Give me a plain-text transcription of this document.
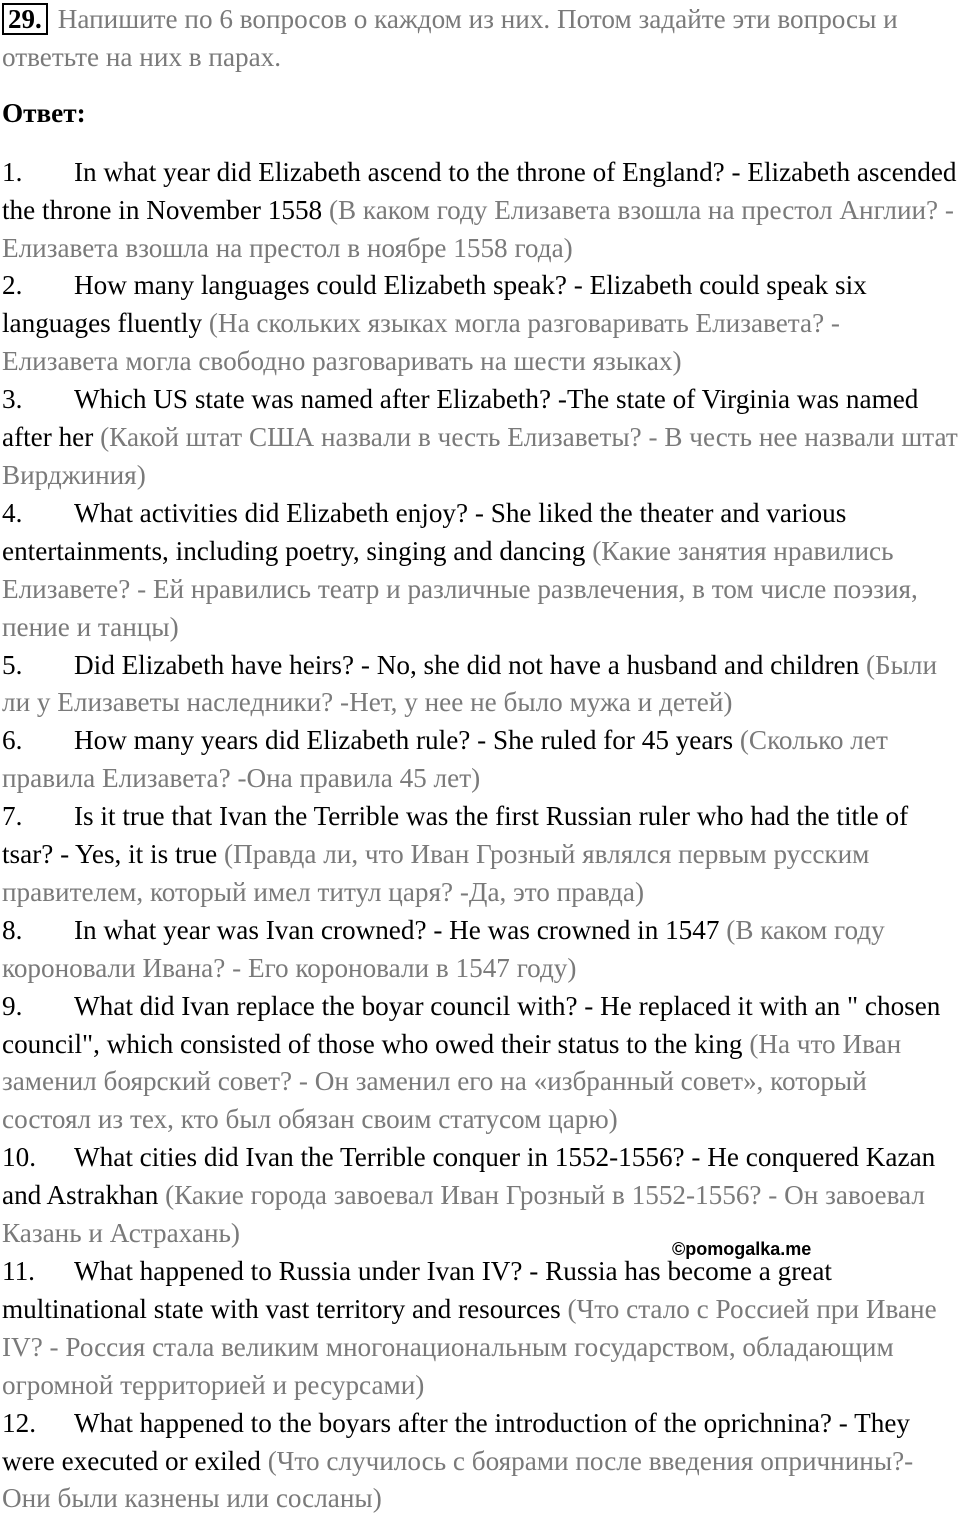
29. Напишите по 6 вопросов о каждом из них. Потом задайте эти вопросы и ответьте на них в парах.

Ответ:

1. In what year did Elizabeth ascend to the throne of England? - Elizabeth ascended the throne in November 1558 (В каком году Елизавета взошла на престол Англии? - Елизавета взошла на престол в ноябре 1558 года)

2. How many languages could Elizabeth speak? - Elizabeth could speak six languages fluently (На скольких языках могла разговаривать Елизавета? - Елизавета могла свободно разговаривать на шести языках)

3. Which US state was named after Elizabeth? -The state of Virginia was named after her (Какой штат США назвали в честь Елизаветы? - В честь нее назвали штат Вирджиния)

4. What activities did Elizabeth enjoy? - She liked the theater and various entertainments, including poetry, singing and dancing (Какие занятия нравились Елизавете? - Ей нравились театр и различные развлечения, в том числе поэзия, пение и танцы)

5. Did Elizabeth have heirs? - No, she did not have a husband and children (Были ли у Елизаветы наследники? -Нет, у нее не было мужа и детей)

6. How many years did Elizabeth rule? - She ruled for 45 years (Сколько лет правила Елизавета? -Она правила 45 лет)

7. Is it true that Ivan the Terrible was the first Russian ruler who had the title of tsar? - Yes, it is true (Правда ли, что Иван Грозный являлся первым русским правителем, который имел титул царя? -Да, это правда)

8. In what year was Ivan crowned? - He was crowned in 1547 (В каком году короновали Ивана? - Его короновали в 1547 году)

9. What did Ivan replace the boyar council with? - He replaced it with an " chosen council", which consisted of those who owed their status to the king (На что Иван заменил боярский совет? - Он заменил его на «избранный совет», который состоял из тех, кто был обязан своим статусом царю)

10. What cities did Ivan the Terrible conquer in 1552-1556? - He conquered Kazan and Astrakhan (Какие города завоевал Иван Грозный в 1552-1556? - Он завоевал Казань и Астрахань)

11. What happened to Russia under Ivan IV? - Russia has become a great multinational state with vast territory and resources (Что стало с Россией при Иване IV? - Россия стала великим многонациональным государством, обладающим огромной территорией и ресурсами)

12. What happened to the boyars after the introduction of the oprichnina? - They were executed or exiled (Что случилось с боярами после введения опричнины?- Они были казнены или сосланы)

©pomogalka.me
